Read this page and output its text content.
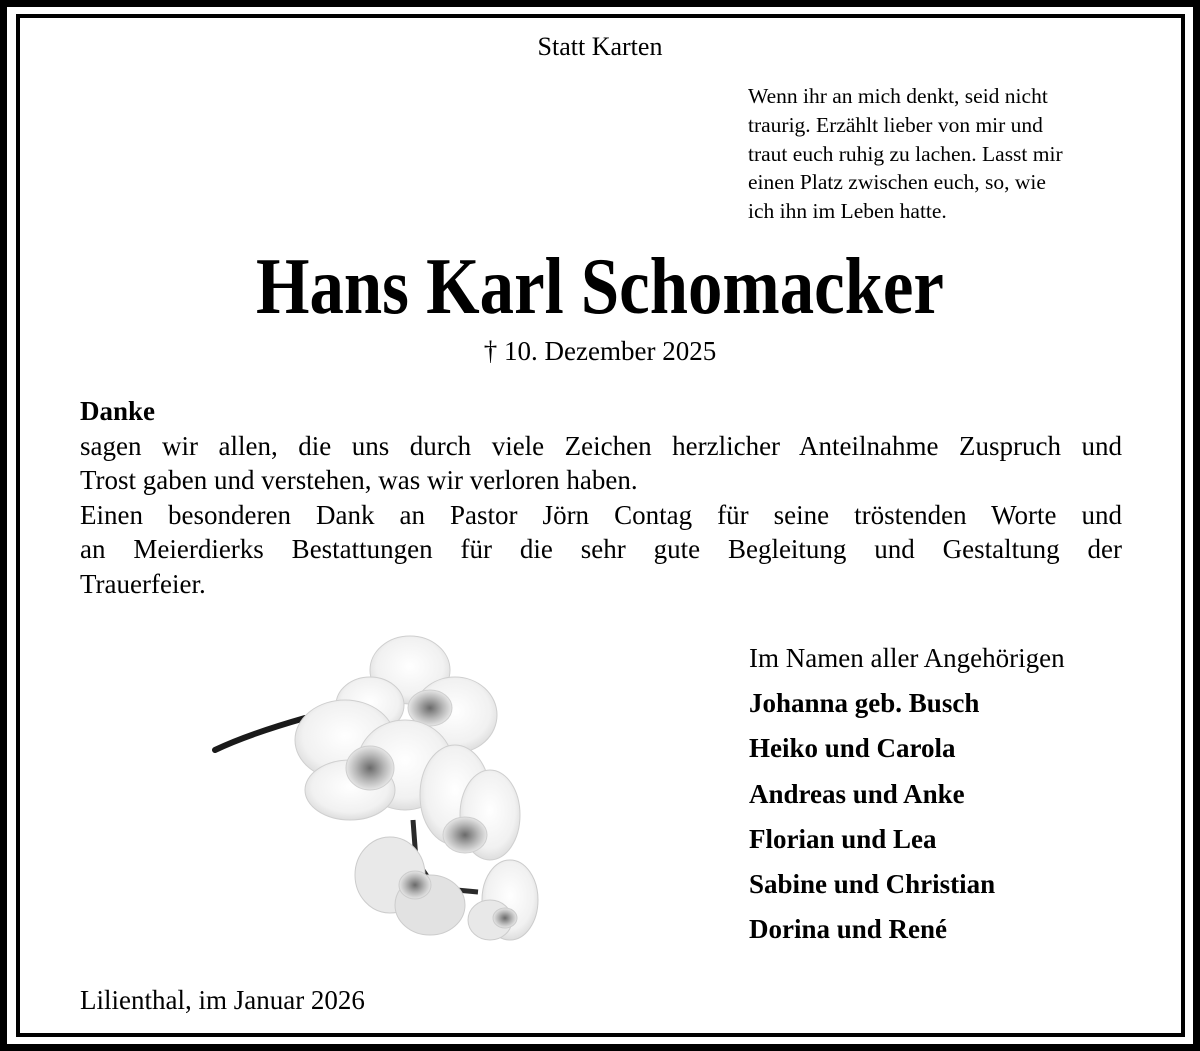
Statt Karten
Wenn ihr an mich denkt, seid nicht
traurig. Erzählt lieber von mir und
traut euch ruhig zu lachen. Lasst mir
einen Platz zwischen euch, so, wie
ich ihn im Leben hatte.
Hans Karl Schomacker
† 10. Dezember 2025
Danke
sagen wir allen, die uns durch viele Zeichen herzlicher Anteilnahme Zuspruch und
Trost gaben und verstehen, was wir verloren haben.
Einen besonderen Dank an Pastor Jörn Contag für seine tröstenden Worte und
an Meierdierks Bestattungen für die sehr gute Begleitung und Gestaltung der
Trauerfeier.
Im Namen aller Angehörigen
Johanna geb. Busch
Heiko und Carola
Andreas und Anke
Florian und Lea
Sabine und Christian
Dorina und René
Lilienthal, im Januar 2026
